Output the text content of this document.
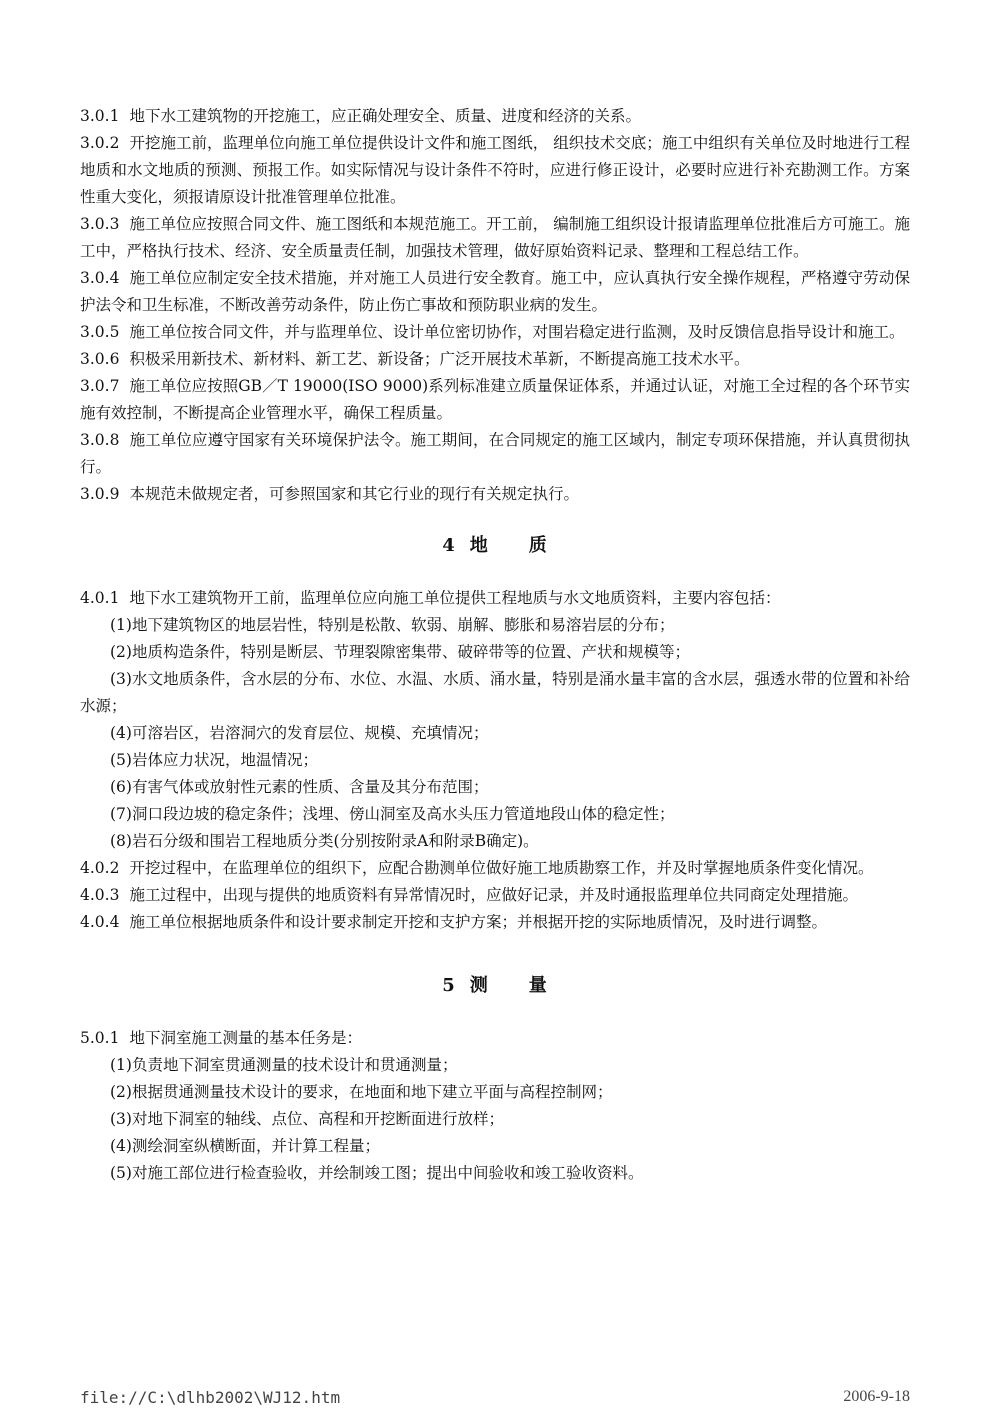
3.0.1 地下水工建筑物的开挖施工，应正确处理安全、质量、进度和经济的关系。

3.0.2 开挖施工前，监理单位向施工单位提供设计文件和施工图纸， 组织技术交底；施工中组织有关单位及时地进行工程地质和水文地质的预测、预报工作。如实际情况与设计条件不符时，应进行修正设计，必要时应进行补充勘测工作。方案性重大变化，须报请原设计批准管理单位批准。

3.0.3 施工单位应按照合同文件、施工图纸和本规范施工。开工前， 编制施工组织设计报请监理单位批准后方可施工。施工中，严格执行技术、经济、安全质量责任制，加强技术管理，做好原始资料记录、整理和工程总结工作。

3.0.4 施工单位应制定安全技术措施，并对施工人员进行安全教育。施工中，应认真执行安全操作规程，严格遵守劳动保护法令和卫生标准，不断改善劳动条件，防止伤亡事故和预防职业病的发生。

3.0.5 施工单位按合同文件，并与监理单位、设计单位密切协作，对围岩稳定进行监测，及时反馈信息指导设计和施工。

3.0.6 积极采用新技术、新材料、新工艺、新设备；广泛开展技术革新，不断提高施工技术水平。

3.0.7 施工单位应按照GB／T 19000(ISO 9000)系列标准建立质量保证体系，并通过认证，对施工全过程的各个环节实施有效控制，不断提高企业管理水平，确保工程质量。

3.0.8 施工单位应遵守国家有关环境保护法令。施工期间，在合同规定的施工区域内，制定专项环保措施，并认真贯彻执行。

3.0.9 本规范未做规定者，可参照国家和其它行业的现行有关规定执行。

4 地 质

4.0.1 地下水工建筑物开工前，监理单位应向施工单位提供工程地质与水文地质资料，主要内容包括：

(1)地下建筑物区的地层岩性，特别是松散、软弱、崩解、膨胀和易溶岩层的分布；

(2)地质构造条件，特别是断层、节理裂隙密集带、破碎带等的位置、产状和规模等；

(3)水文地质条件，含水层的分布、水位、水温、水质、涌水量，特别是涌水量丰富的含水层，强透水带的位置和补给水源；

(4)可溶岩区，岩溶洞穴的发育层位、规模、充填情况；

(5)岩体应力状况，地温情况；

(6)有害气体或放射性元素的性质、含量及其分布范围；

(7)洞口段边坡的稳定条件；浅埋、傍山洞室及高水头压力管道地段山体的稳定性；

(8)岩石分级和围岩工程地质分类(分别按附录A和附录B确定)。

4.0.2 开挖过程中，在监理单位的组织下，应配合勘测单位做好施工地质勘察工作，并及时掌握地质条件变化情况。

4.0.3 施工过程中，出现与提供的地质资料有异常情况时，应做好记录，并及时通报监理单位共同商定处理措施。

4.0.4 施工单位根据地质条件和设计要求制定开挖和支护方案；并根据开挖的实际地质情况，及时进行调整。

5 测 量

5.0.1 地下洞室施工测量的基本任务是：

(1)负责地下洞室贯通测量的技术设计和贯通测量；

(2)根据贯通测量技术设计的要求，在地面和地下建立平面与高程控制网；

(3)对地下洞室的轴线、点位、高程和开挖断面进行放样；

(4)测绘洞室纵横断面，并计算工程量；

(5)对施工部位进行检查验收，并绘制竣工图；提出中间验收和竣工验收资料。

file://C:\dlhb2002\WJ12.htm	2006-9-18
